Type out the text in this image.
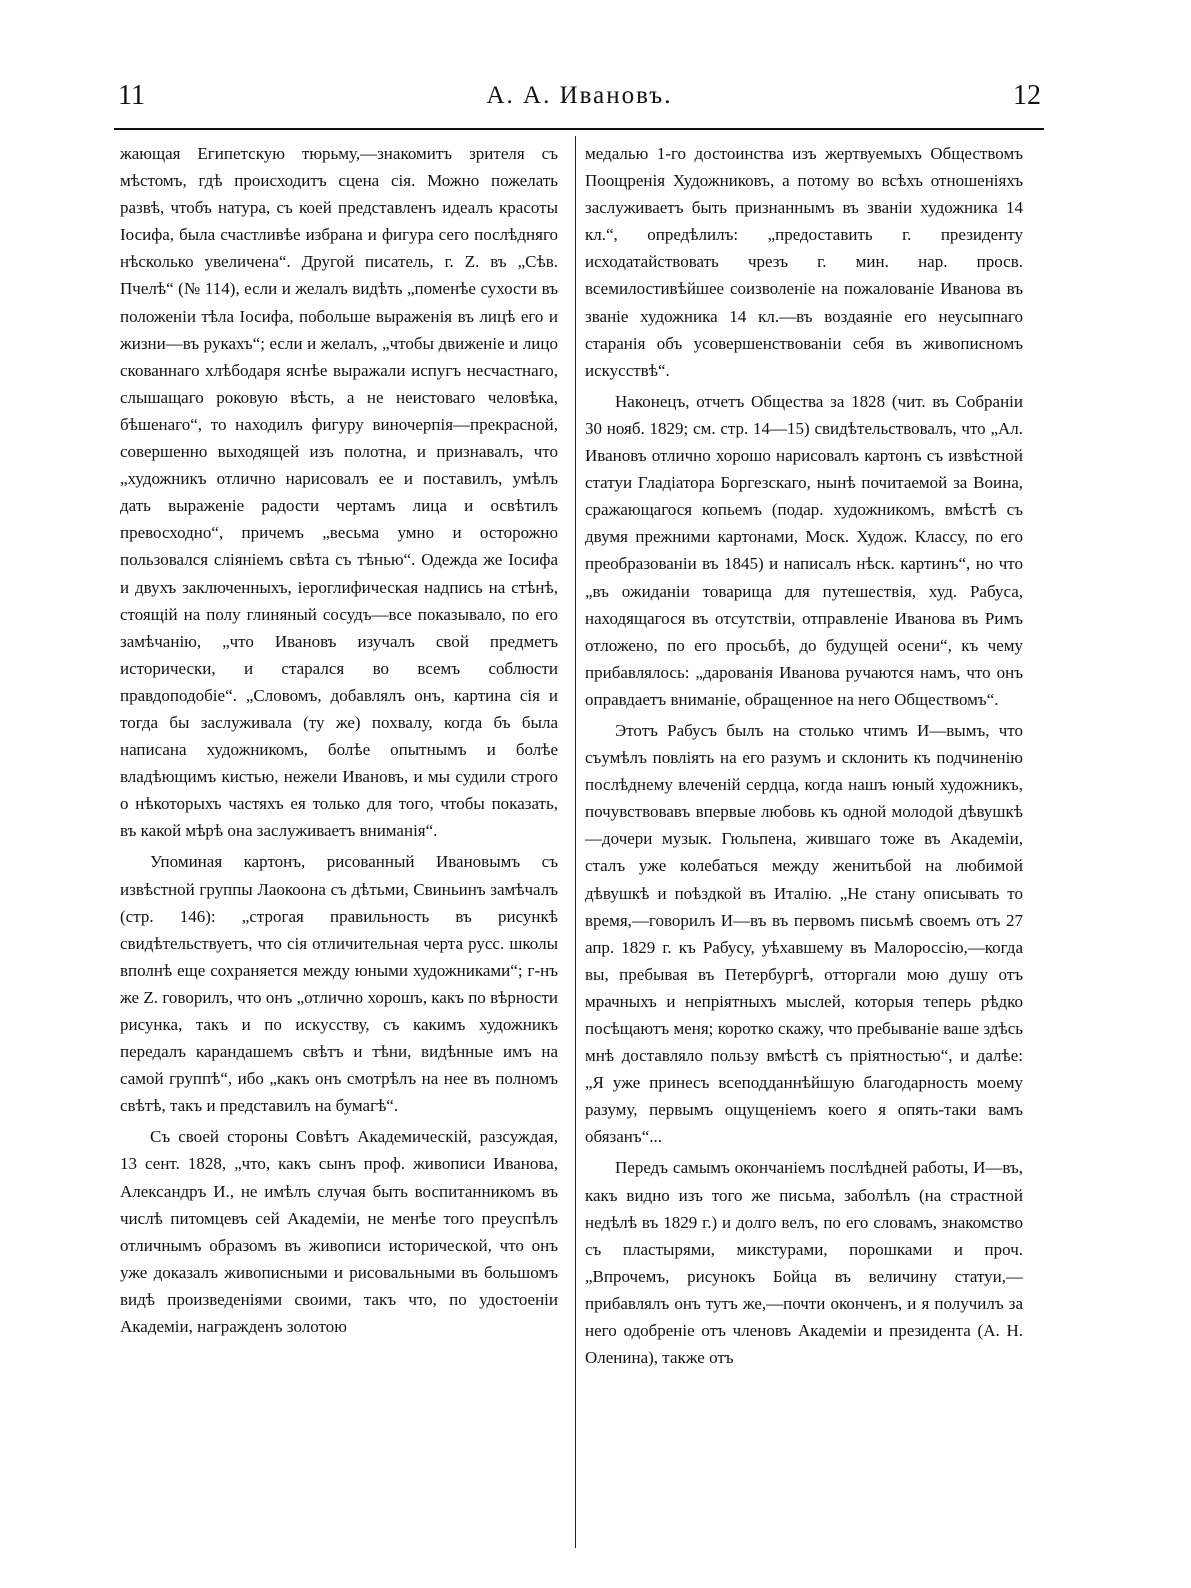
11	А. А. Ивановъ.	12

жающая Египетскую тюрьму,—знакомитъ зрителя съ мѣстомъ, гдѣ происходитъ сцена сія. Можно пожелать развѣ, чтобъ натура, съ коей представленъ идеалъ красоты Іосифа, была счастливѣе избрана и фигура сего послѣдняго нѣсколько увеличена“. Другой писатель, г. Z. въ „Сѣв. Пчелѣ“ (№ 114), если и желалъ видѣть „поменѣе сухости въ положеніи тѣла Іосифа, побольше выраженія въ лицѣ его и жизни—въ рукахъ“; если и желалъ, „чтобы движеніе и лицо скованнаго хлѣбодаря яснѣе выражали испугъ несчастнаго, слышащаго роковую вѣсть, а не неистоваго человѣка, бѣшенаго“, то находилъ фигуру виночерпія—прекрасной, совершенно выходящей изъ полотна, и признавалъ, что „художникъ отлично нарисовалъ ее и поставилъ, умѣлъ дать выраженіе радости чертамъ лица и освѣтилъ превосходно“, причемъ „весьма умно и осторожно пользовался сліяніемъ свѣта съ тѣнью“. Одежда же Іосифа и двухъ заключенныхъ, іероглифическая надпись на стѣнѣ, стоящій на полу глиняный сосудъ—все показывало, по его замѣчанію, „что Ивановъ изучалъ свой предметъ исторически, и старался во всемъ соблюсти правдоподобіе“. „Словомъ, добавлялъ онъ, картина сія и тогда бы заслуживала (ту же) похвалу, когда бъ была написана художникомъ, болѣе опытнымъ и болѣе владѣющимъ кистью, нежели Ивановъ, и мы судили строго о нѣкоторыхъ частяхъ ея только для того, чтобы показать, въ какой мѣрѣ она заслуживаетъ вниманія“.

Упоминая картонъ, рисованный Ивановымъ съ извѣстной группы Лаокоона съ дѣтьми, Свиньинъ замѣчалъ (стр. 146): „строгая правильность въ рисункѣ свидѣтельствуетъ, что сія отличительная черта русс. школы вполнѣ еще сохраняется между юными художниками“; г-нъ же Z. говорилъ, что онъ „отлично хорошъ, какъ по вѣрности рисунка, такъ и по искусству, съ какимъ художникъ передалъ карандашемъ свѣтъ и тѣни, видѣнные имъ на самой группѣ“, ибо „какъ онъ смотрѣлъ на нее въ полномъ свѣтѣ, такъ и представилъ на бумагѣ“.

Съ своей стороны Совѣтъ Академическій, разсуждая, 13 сент. 1828, „что, какъ сынъ проф. живописи Иванова, Александръ И., не имѣлъ случая быть воспитанникомъ въ числѣ питомцевъ сей Академіи, не менѣе того преуспѣлъ отличнымъ образомъ въ живописи исторической, что онъ уже доказалъ живописными и рисовальными въ большомъ видѣ произведеніями своими, такъ что, по удостоеніи Академіи, награжденъ золотою

медалью 1-го достоинства изъ жертвуемыхъ Обществомъ Поощренія Художниковъ, а потому во всѣхъ отношеніяхъ заслуживаетъ быть признаннымъ въ званіи художника 14 кл.“, опредѣлилъ: „предоставить г. президенту исходатайствовать чрезъ г. мин. нар. просв. всемилостивѣйшее соизволеніе на пожалованіе Иванова въ званіе художника 14 кл.—въ воздаяніе его неусыпнаго старанія объ усовершенствованіи себя въ живописномъ искусствѣ“.

Наконецъ, отчетъ Общества за 1828 (чит. въ Собраніи 30 нояб. 1829; см. стр. 14—15) свидѣтельствовалъ, что „Ал. Ивановъ отлично хорошо нарисовалъ картонъ съ извѣстной статуи Гладіатора Боргезскаго, нынѣ почитаемой за Воина, сражающагося копьемъ (подар. художникомъ, вмѣстѣ съ двумя прежними картонами, Моск. Худож. Классу, по его преобразованіи въ 1845) и написалъ нѣск. картинъ“, но что „въ ожиданіи товарища для путешествія, худ. Рабуса, находящагося въ отсутствіи, отправленіе Иванова въ Римъ отложено, по его просьбѣ, до будущей осени“, къ чему прибавлялось: „дарованія Иванова ручаются намъ, что онъ оправдаетъ вниманіе, обращенное на него Обществомъ“.

Этотъ Рабусъ былъ на столько чтимъ И—вымъ, что съумѣлъ повліять на его разумъ и склонить къ подчиненію послѣднему влеченій сердца, когда нашъ юный художникъ, почувствовавъ впервые любовь къ одной молодой дѣвушкѣ—дочери музык. Гюльпена, жившаго тоже въ Академіи, сталъ уже колебаться между женитьбой на любимой дѣвушкѣ и поѣздкой въ Италію. „Не стану описывать то время,—говорилъ И—въ въ первомъ письмѣ своемъ отъ 27 апр. 1829 г. къ Рабусу, уѣхавшему въ Малороссію,—когда вы, пребывая въ Петербургѣ, отторгали мою душу отъ мрачныхъ и непріятныхъ мыслей, которыя теперь рѣдко посѣщаютъ меня; коротко скажу, что пребываніе ваше здѣсь мнѣ доставляло пользу вмѣстѣ съ пріятностью“, и далѣе: „Я уже принесъ всеподданнѣйшую благодарность моему разуму, первымъ ощущеніемъ коего я опять-таки вамъ обязанъ“...

Передъ самымъ окончаніемъ послѣдней работы, И—въ, какъ видно изъ того же письма, заболѣлъ (на страстной недѣлѣ въ 1829 г.) и долго велъ, по его словамъ, знакомство съ пластырями, микстурами, порошками и проч. „Впрочемъ, рисунокъ Бойца въ величину статуи,—прибавлялъ онъ тутъ же,—почти оконченъ, и я получилъ за него одобреніе отъ членовъ Академіи и президента (А. Н. Оленина), также отъ
